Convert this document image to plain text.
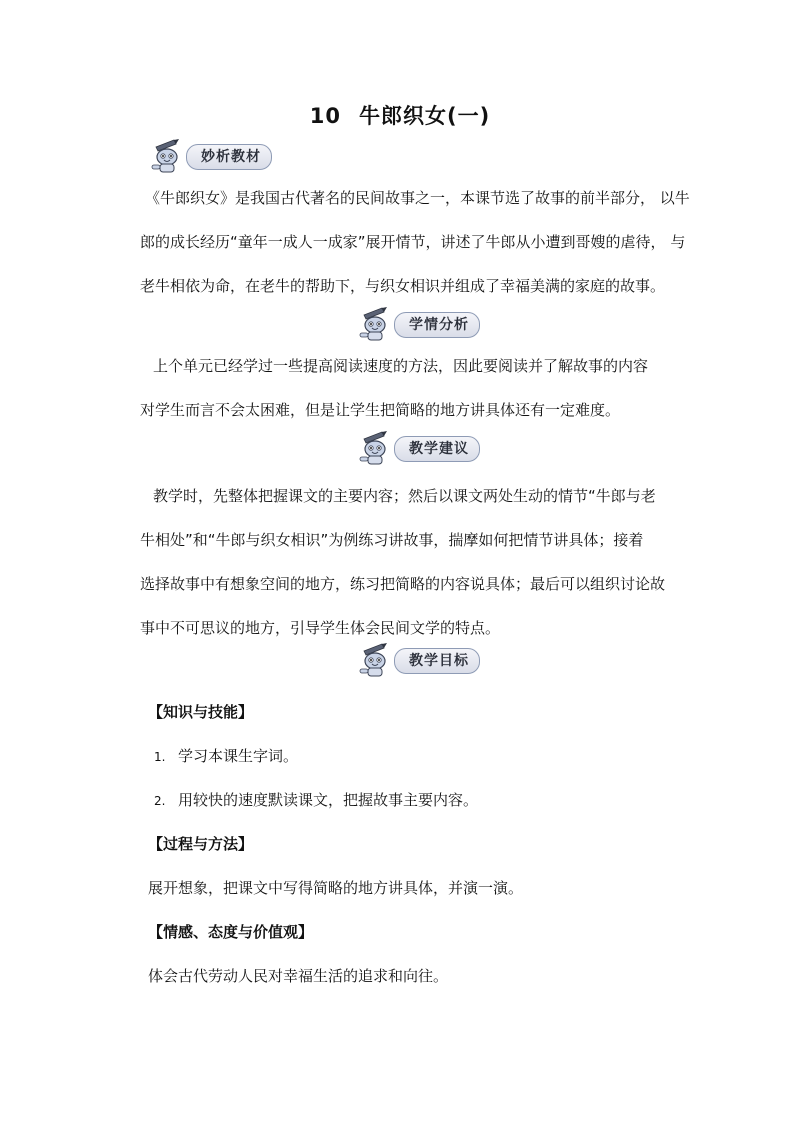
10 牛郎织女(一)
妙析教材
《牛郎织女》是我国古代著名的民间故事之一，本课节选了故事的前半部分， 以牛
郎的成长经历“童年一成人一成家”展开情节，讲述了牛郎从小遭到哥嫂的虐待， 与
老牛相依为命，在老牛的帮助下，与织女相识并组成了幸福美满的家庭的故事。
学情分析
上个单元已经学过一些提高阅读速度的方法，因此要阅读并了解故事的内容
对学生而言不会太困难，但是让学生把简略的地方讲具体还有一定难度。
教学建议
教学时，先整体把握课文的主要内容；然后以课文两处生动的情节“牛郎与老
牛相处”和“牛郎与织女相识”为例练习讲故事，揣摩如何把情节讲具体；接着
选择故事中有想象空间的地方，练习把简略的内容说具体；最后可以组织讨论故
事中不可思议的地方，引导学生体会民间文学的特点。
教学目标
【知识与技能】
1. 学习本课生字词。
2. 用较快的速度默读课文，把握故事主要内容。
【过程与方法】
展开想象，把课文中写得简略的地方讲具体，并演一演。
【情感、态度与价值观】
体会古代劳动人民对幸福生活的追求和向往。
